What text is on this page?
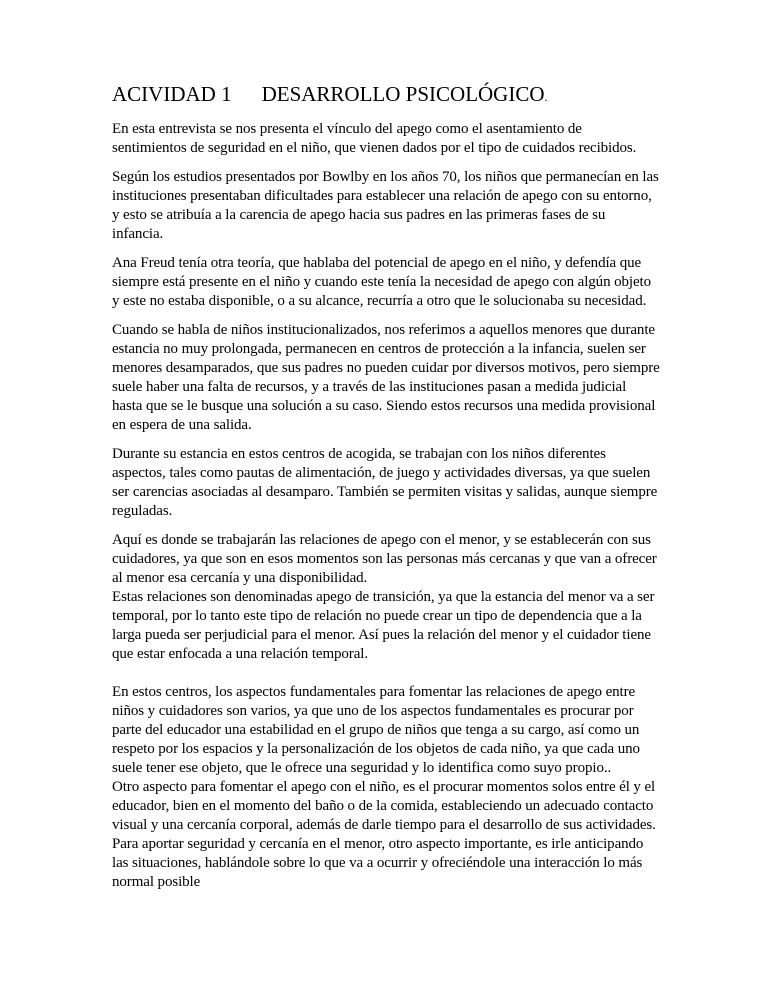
ACIVIDAD 1 DESARROLLO PSICOLÓGICO.

En esta entrevista se nos presenta el vínculo del apego como el asentamiento de sentimientos de seguridad en el niño, que vienen dados por el tipo de cuidados recibidos.

Según los estudios presentados por Bowlby en los años 70, los niños que permanecían en las instituciones presentaban dificultades para establecer una relación de apego con su entorno, y esto se atribuía a la carencia de apego hacia sus padres en las primeras fases de su infancia.

Ana Freud tenía otra teoría, que hablaba del potencial de apego en el niño, y defendía que siempre está presente en el niño y cuando este tenía la necesidad de apego con algún objeto y este no estaba disponible, o a su alcance, recurría a otro que le solucionaba su necesidad.

Cuando se habla de niños institucionalizados, nos referimos a aquellos menores que durante estancia no muy prolongada, permanecen en centros de protección a la infancia, suelen ser menores desamparados, que sus padres no pueden cuidar por diversos motivos, pero siempre suele haber una falta de recursos, y a través de las instituciones pasan a medida judicial hasta que se le busque una solución a su caso. Siendo estos recursos una medida provisional en espera de una salida.

Durante su estancia en estos centros de acogida, se trabajan con los niños diferentes aspectos, tales como pautas de alimentación, de juego y actividades diversas, ya que suelen ser carencias asociadas al desamparo. También se permiten visitas y salidas, aunque siempre reguladas.

Aquí es donde se trabajarán las relaciones de apego con el menor, y se establecerán con sus cuidadores, ya que son en esos momentos son las personas más cercanas y que van a ofrecer al menor esa cercanía y una disponibilidad.

Estas relaciones son denominadas apego de transición, ya que la estancia del menor va a ser temporal, por lo tanto este tipo de relación no puede crear un tipo de dependencia que a la larga pueda ser perjudicial para el menor. Así pues la relación del menor y el cuidador tiene que estar enfocada a una relación temporal.

En estos centros, los aspectos fundamentales para fomentar las relaciones de apego entre niños y cuidadores son varios, ya que uno de los aspectos fundamentales es procurar por parte del educador una estabilidad en el grupo de niños que tenga a su cargo, así como un respeto por los espacios y la personalización de los objetos de cada niño, ya que cada uno suele tener ese objeto, que le ofrece una seguridad y lo identifica como suyo propio..

Otro aspecto para fomentar el apego con el niño, es el procurar momentos solos entre él y el educador, bien en el momento del baño o de la comida, estableciendo un adecuado contacto visual y una cercanía corporal, además de darle tiempo para el desarrollo de sus actividades. Para aportar seguridad y cercanía en el menor, otro aspecto importante, es irle anticipando las situaciones, hablándole sobre lo que va a ocurrir y ofreciéndole una interacción lo más normal posible
